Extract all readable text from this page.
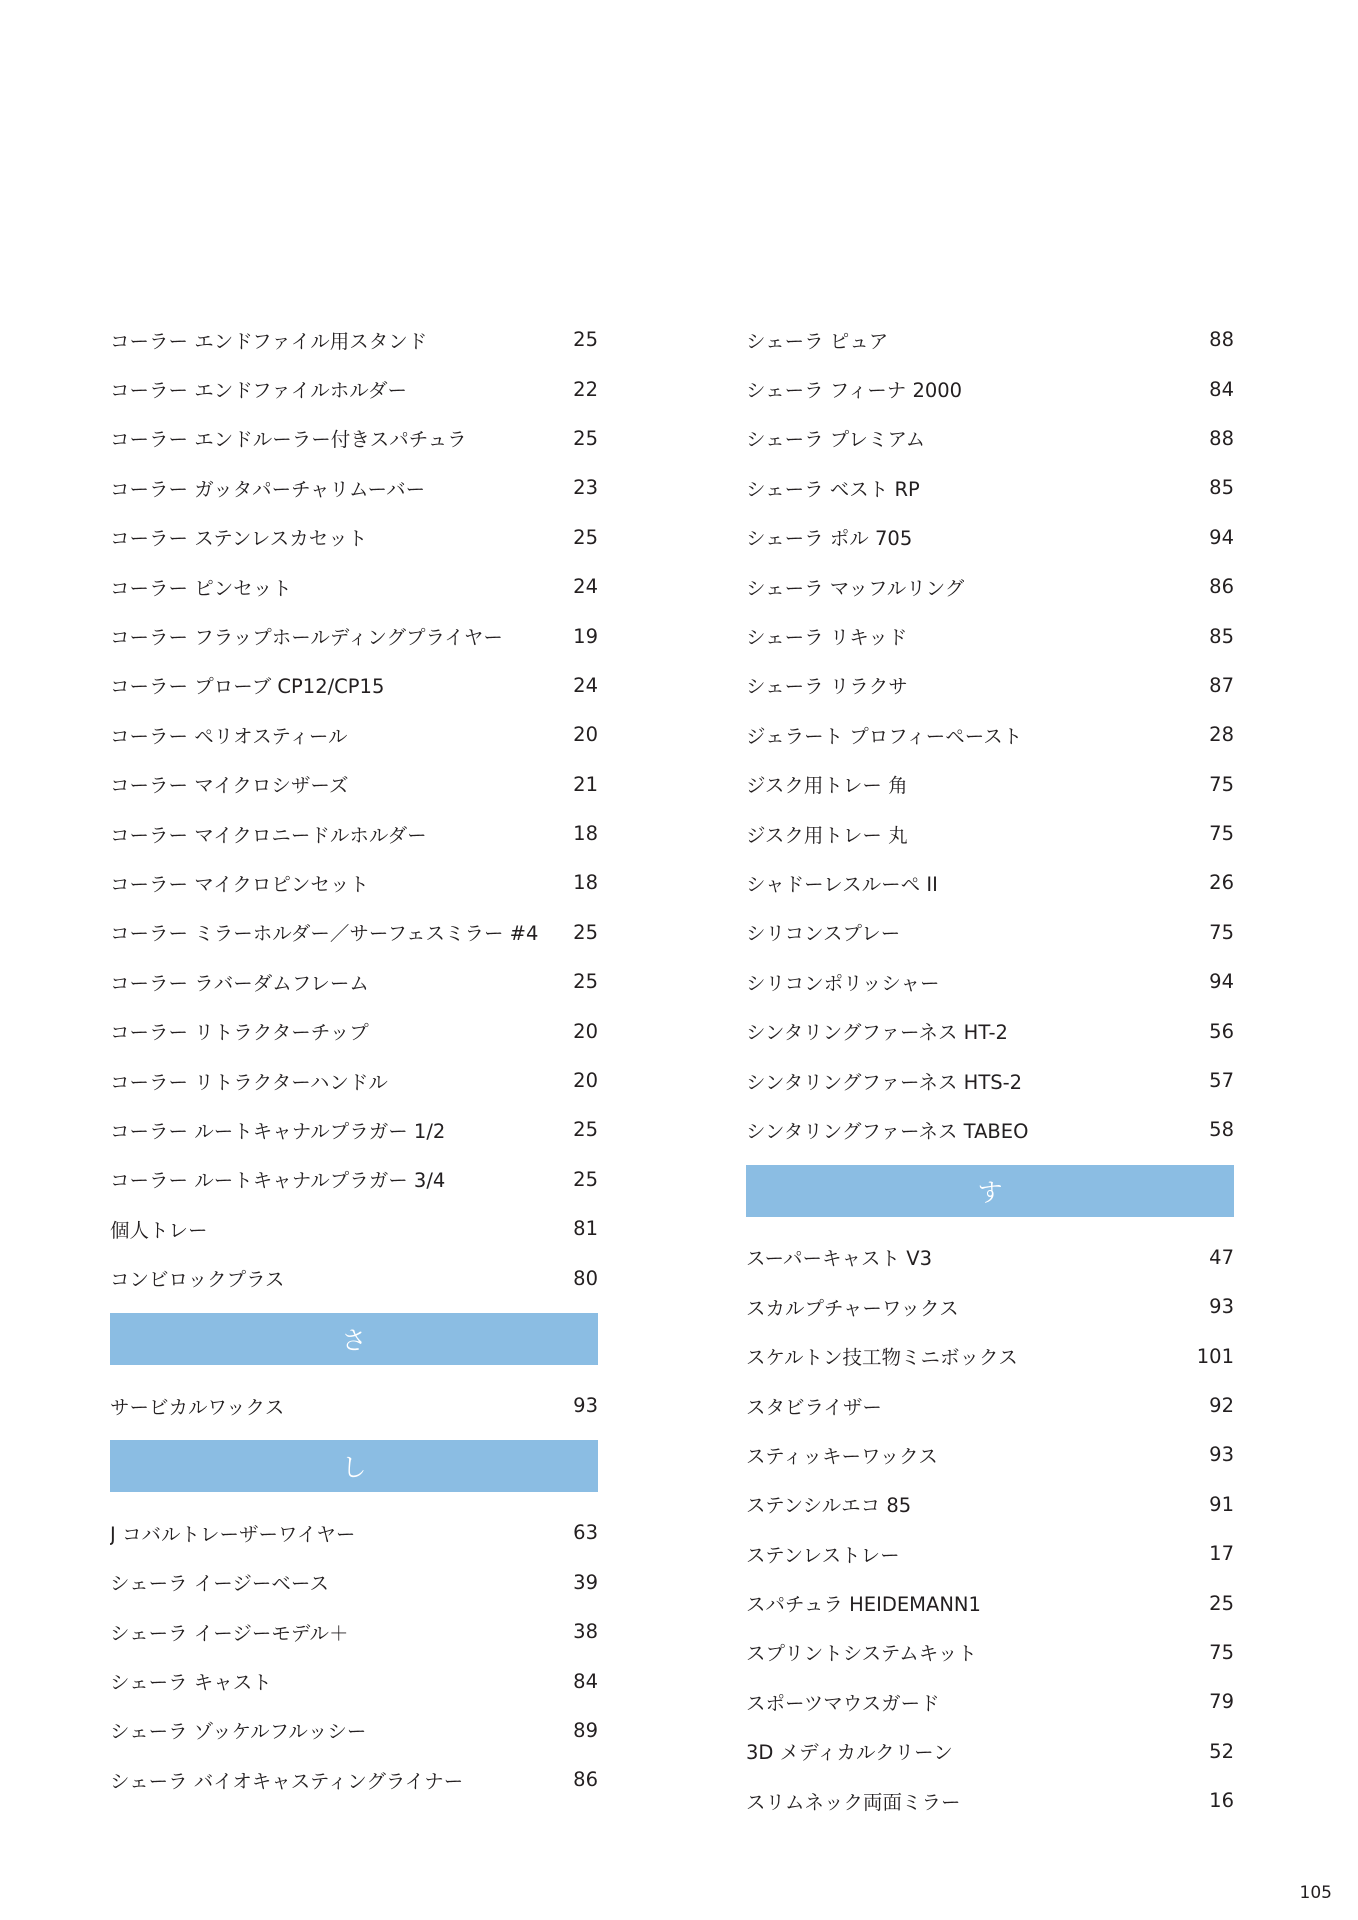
コーラー エンドファイル用スタンド	25
コーラー エンドファイルホルダー	22
コーラー エンドルーラー付きスパチュラ	25
コーラー ガッタパーチャリムーバー	23
コーラー ステンレスカセット	25
コーラー ピンセット	24
コーラー フラップホールディングプライヤー	19
コーラー プローブ CP12/CP15	24
コーラー ペリオスティール	20
コーラー マイクロシザーズ	21
コーラー マイクロニードルホルダー	18
コーラー マイクロピンセット	18
コーラー ミラーホルダー／サーフェスミラー #4	25
コーラー ラバーダムフレーム	25
コーラー リトラクターチップ	20
コーラー リトラクターハンドル	20
コーラー ルートキャナルプラガー 1/2	25
コーラー ルートキャナルプラガー 3/4	25
個人トレー	81
コンビロックプラス	80
さ
サービカルワックス	93
し
J コバルトレーザーワイヤー	63
シェーラ イージーベース	39
シェーラ イージーモデル＋	38
シェーラ キャスト	84
シェーラ ゾッケルフルッシー	89
シェーラ バイオキャスティングライナー	86
シェーラ ピュア	88
シェーラ フィーナ 2000	84
シェーラ プレミアム	88
シェーラ ベスト RP	85
シェーラ ポル 705	94
シェーラ マッフルリング	86
シェーラ リキッド	85
シェーラ リラクサ	87
ジェラート プロフィーペースト	28
ジスク用トレー 角	75
ジスク用トレー 丸	75
シャドーレスルーペ II	26
シリコンスプレー	75
シリコンポリッシャー	94
シンタリングファーネス HT-2	56
シンタリングファーネス HTS-2	57
シンタリングファーネス TABEO	58
す
スーパーキャスト V3	47
スカルプチャーワックス	93
スケルトン技工物ミニボックス	101
スタビライザー	92
スティッキーワックス	93
ステンシルエコ 85	91
ステンレストレー	17
スパチュラ HEIDEMANN1	25
スプリントシステムキット	75
スポーツマウスガード	79
3D メディカルクリーン	52
スリムネック両面ミラー	16
105
